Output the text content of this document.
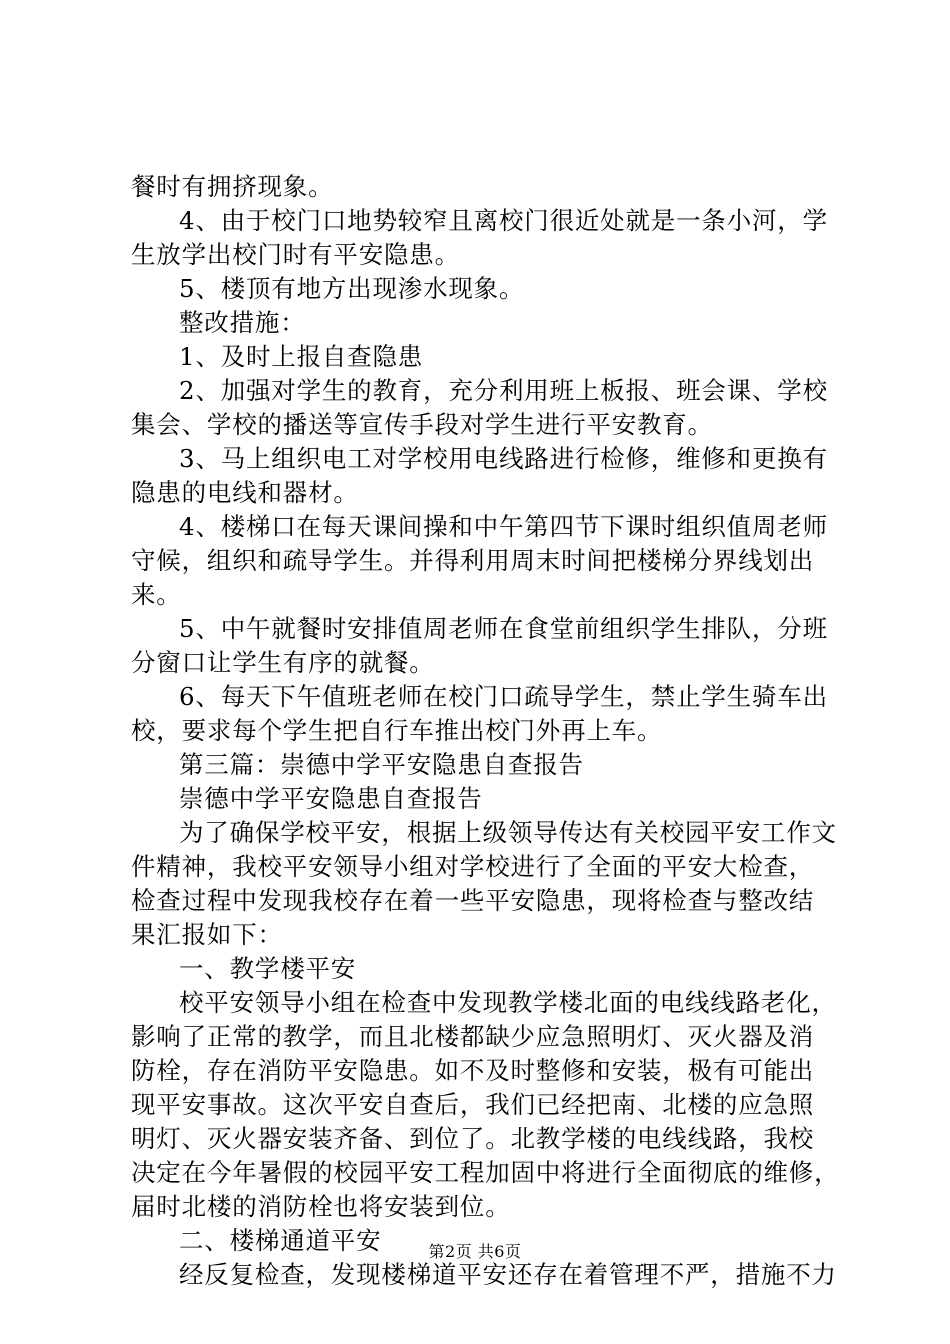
餐时有拥挤现象。
4、由于校门口地势较窄且离校门很近处就是一条小河，学
生放学出校门时有平安隐患。
5、楼顶有地方出现渗水现象。
整改措施：
1、及时上报自查隐患
2、加强对学生的教育，充分利用班上板报、班会课、学校
集会、学校的播送等宣传手段对学生进行平安教育。
3、马上组织电工对学校用电线路进行检修，维修和更换有
隐患的电线和器材。
4、楼梯口在每天课间操和中午第四节下课时组织值周老师
守候，组织和疏导学生。并得利用周末时间把楼梯分界线划出
来。
5、中午就餐时安排值周老师在食堂前组织学生排队，分班
分窗口让学生有序的就餐。
6、每天下午值班老师在校门口疏导学生，禁止学生骑车出
校，要求每个学生把自行车推出校门外再上车。
第三篇：崇德中学平安隐患自查报告
崇德中学平安隐患自查报告
为了确保学校平安，根据上级领导传达有关校园平安工作文
件精神，我校平安领导小组对学校进行了全面的平安大检查，
检查过程中发现我校存在着一些平安隐患，现将检查与整改结
果汇报如下：
一、教学楼平安
校平安领导小组在检查中发现教学楼北面的电线线路老化，
影响了正常的教学，而且北楼都缺少应急照明灯、灭火器及消
防栓，存在消防平安隐患。如不及时整修和安装，极有可能出
现平安事故。这次平安自查后，我们已经把南、北楼的应急照
明灯、灭火器安装齐备、到位了。北教学楼的电线线路，我校
决定在今年暑假的校园平安工程加固中将进行全面彻底的维修，
届时北楼的消防栓也将安装到位。
二、楼梯通道平安
经反复检查，发现楼梯道平安还存在着管理不严，措施不力
第2页 共6页
